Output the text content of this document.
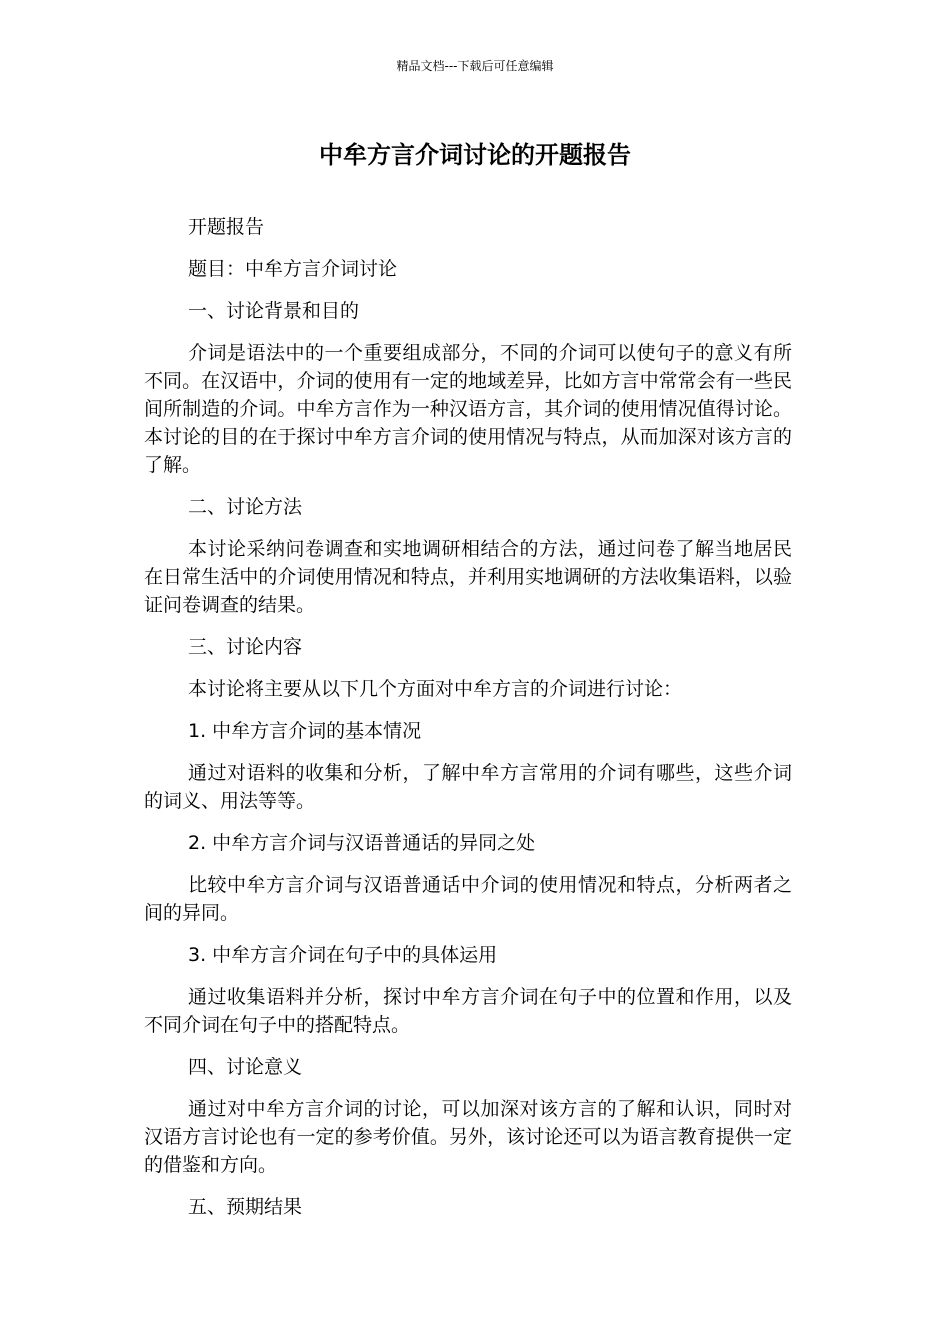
精品文档---下载后可任意编辑
中牟方言介词讨论的开题报告

开题报告

题目：中牟方言介词讨论

一、讨论背景和目的

介词是语法中的一个重要组成部分，不同的介词可以使句子的意义有所不同。在汉语中，介词的使用有一定的地域差异，比如方言中常常会有一些民间所制造的介词。中牟方言作为一种汉语方言，其介词的使用情况值得讨论。本讨论的目的在于探讨中牟方言介词的使用情况与特点，从而加深对该方言的了解。

二、讨论方法

本讨论采纳问卷调查和实地调研相结合的方法，通过问卷了解当地居民在日常生活中的介词使用情况和特点，并利用实地调研的方法收集语料，以验证问卷调查的结果。

三、讨论内容

本讨论将主要从以下几个方面对中牟方言的介词进行讨论：

1. 中牟方言介词的基本情况

通过对语料的收集和分析，了解中牟方言常用的介词有哪些，这些介词的词义、用法等等。

2. 中牟方言介词与汉语普通话的异同之处

比较中牟方言介词与汉语普通话中介词的使用情况和特点，分析两者之间的异同。

3. 中牟方言介词在句子中的具体运用

通过收集语料并分析，探讨中牟方言介词在句子中的位置和作用，以及不同介词在句子中的搭配特点。

四、讨论意义

通过对中牟方言介词的讨论，可以加深对该方言的了解和认识，同时对汉语方言讨论也有一定的参考价值。另外，该讨论还可以为语言教育提供一定的借鉴和方向。

五、预期结果
